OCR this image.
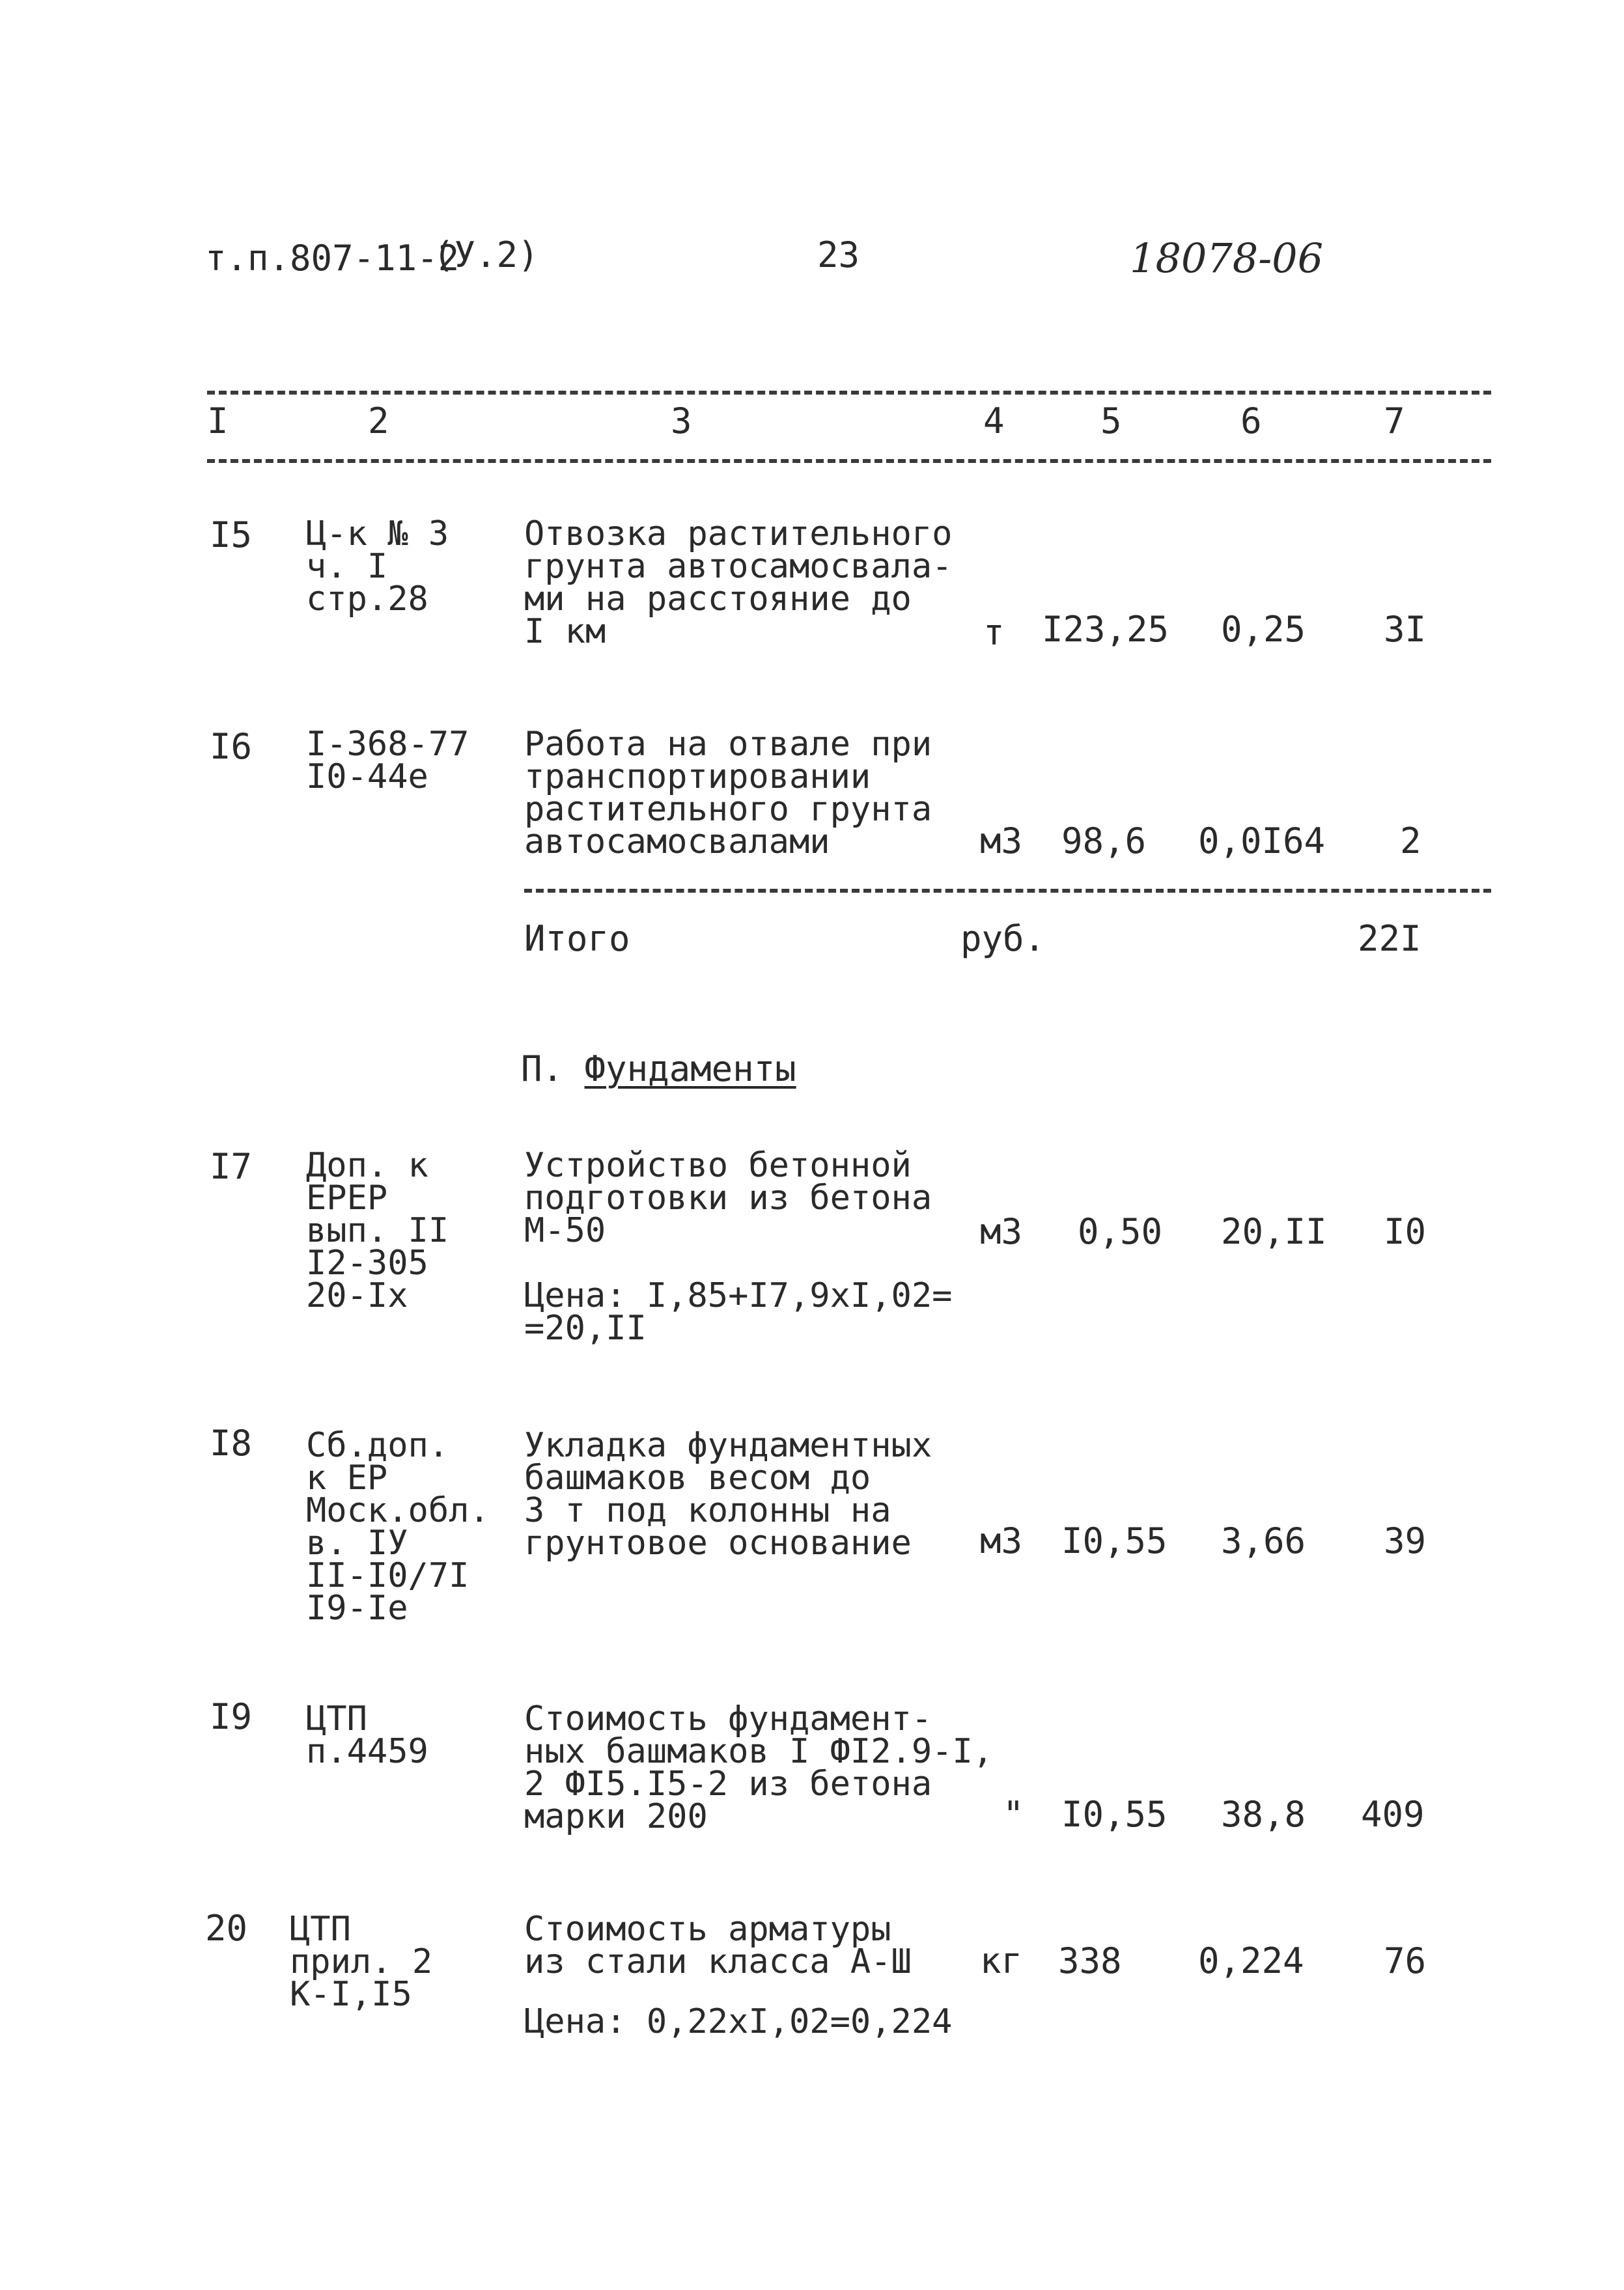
т.п.807-11-2
(У.2)	23	18078-06
I	2	3	4	5	6	7
I5 Ц-к № 3
ч. I
стр.28
Отвозка растительного
грунта автосамосвала-
ми на расстояние до
I км	т I23,25 0,25 3I
I6 I-368-77
I0-44е
Работа на отвале при
транспортировании
растительного грунта
автосамосвалами	м3 98,6 0,0I64 2
Итого	руб.	22I
П. Фундаменты
I7 Доп. к
ЕРЕР
вып. II
I2-305
20-Iх
Устройство бетонной
подготовки из бетона
М-50
Цена: I,85+I7,9хI,02=
=20,II
м3 0,50 20,II I0
I8 Сб.доп.
к ЕР
Моск.обл.
в. IУ
II-I0/7I
I9-Iе
Укладка фундаментных
башмаков весом до
3 т под колонны на
грунтовое основание	м3 I0,55 3,66 39
I9 ЦТП
п.4459
Стоимость фундамент-
ных башмаков I ФI2.9-I,
2 ФI5.I5-2 из бетона
марки 200	" I0,55 38,8 409
20 ЦТП
прил. 2
К-I,I5
Стоимость арматуры
из стали класса А-Ш
Цена: 0,22хI,02=0,224
кг 338 0,224 76
